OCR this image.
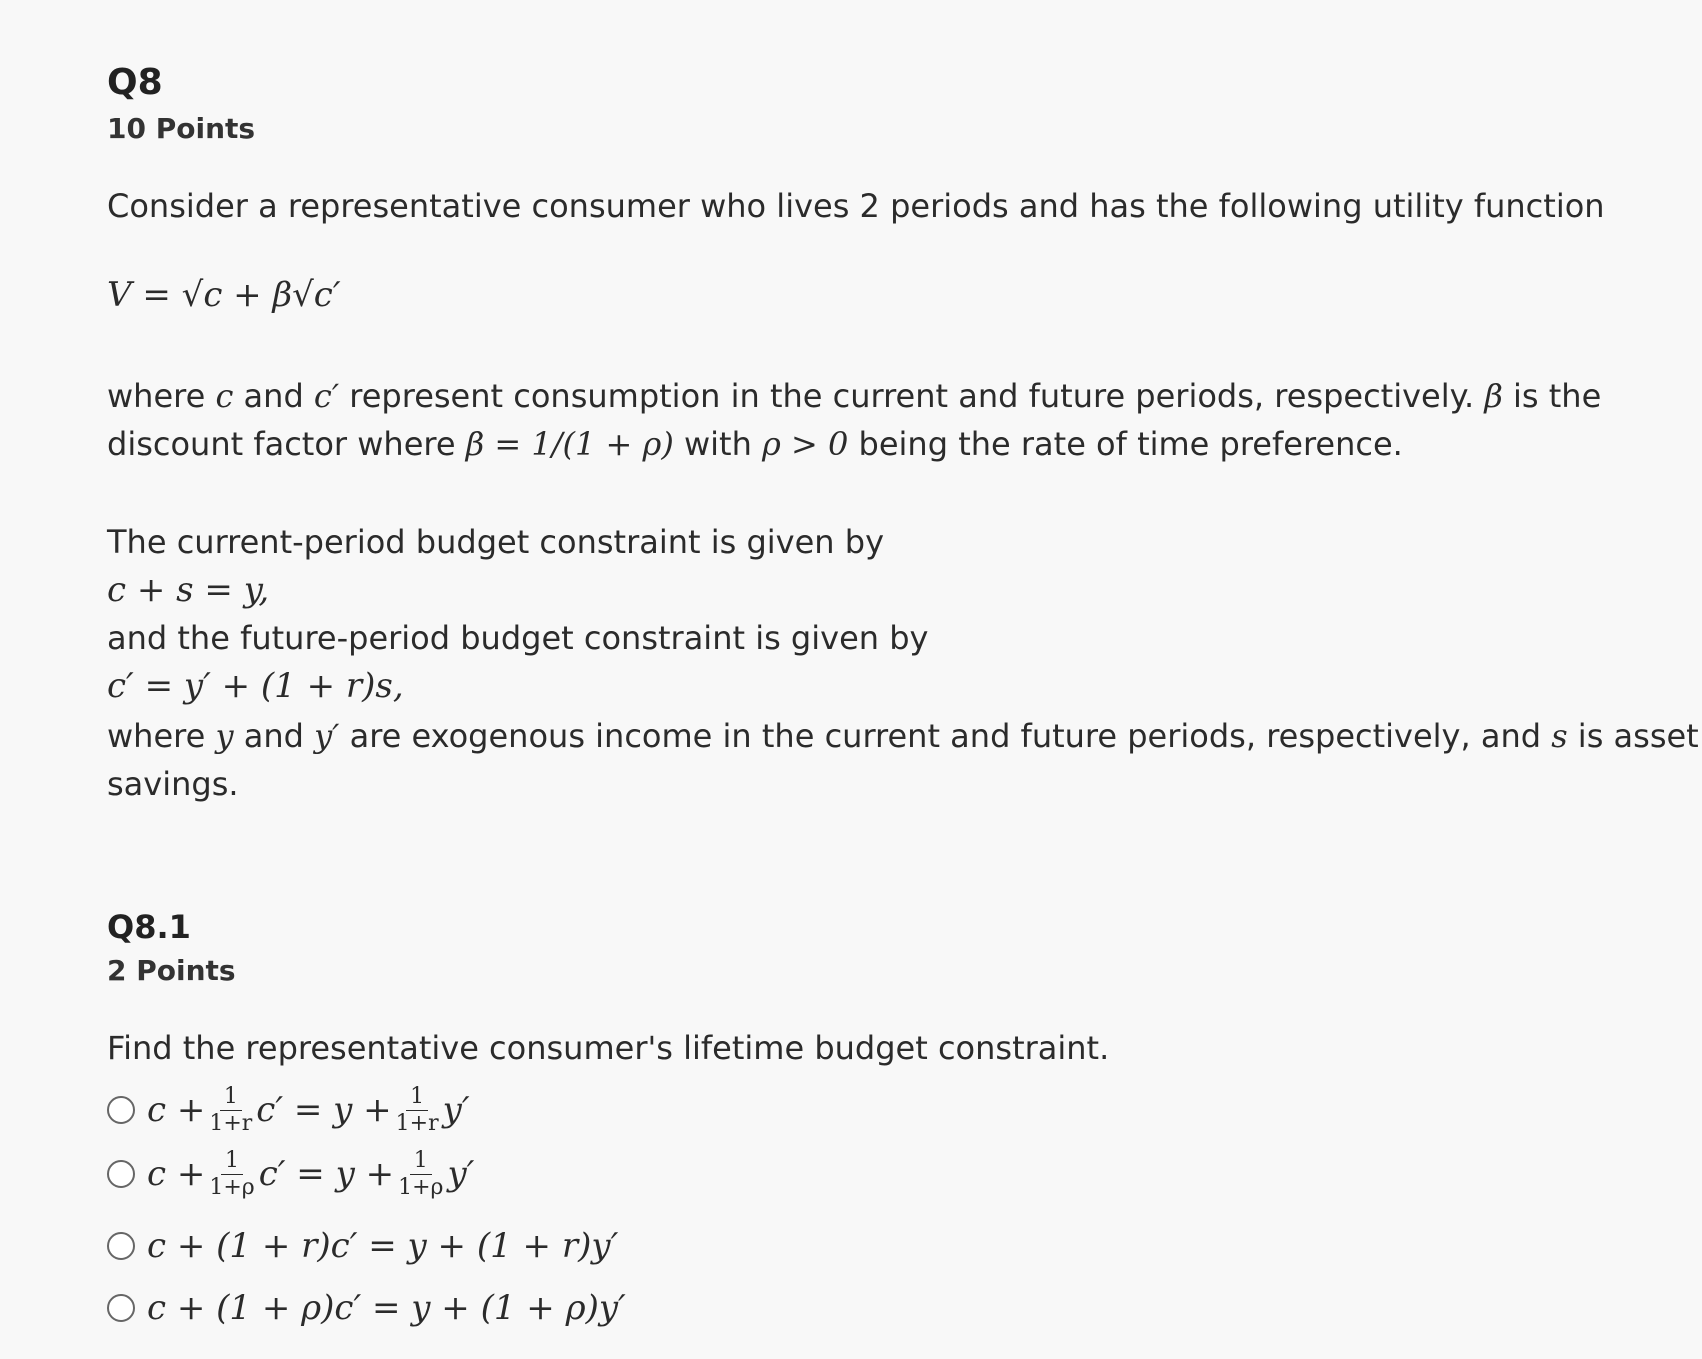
Q8
10 Points
Consider a representative consumer who lives 2 periods and has the following utility function
V = √c + β√c′
where c and c′ represent consumption in the current and future periods, respectively. β is the
discount factor where β = 1/(1 + ρ) with ρ > 0 being the rate of time preference.
The current-period budget constraint is given by
c + s = y,
and the future-period budget constraint is given by
c′ = y′ + (1 + r)s,
where y and y′ are exogenous income in the current and future periods, respectively, and s is asset
savings.
Q8.1
2 Points
Find the representative consumer's lifetime budget constraint.
$c + \frac{1}{1+r} c' = y + \frac{1}{1+r} y'$
$c + \frac{1}{1+\rho} c' = y + \frac{1}{1+\rho} y'$
c + (1 + r)c′ = y + (1 + r)y′
c + (1 + ρ)c′ = y + (1 + ρ)y′
